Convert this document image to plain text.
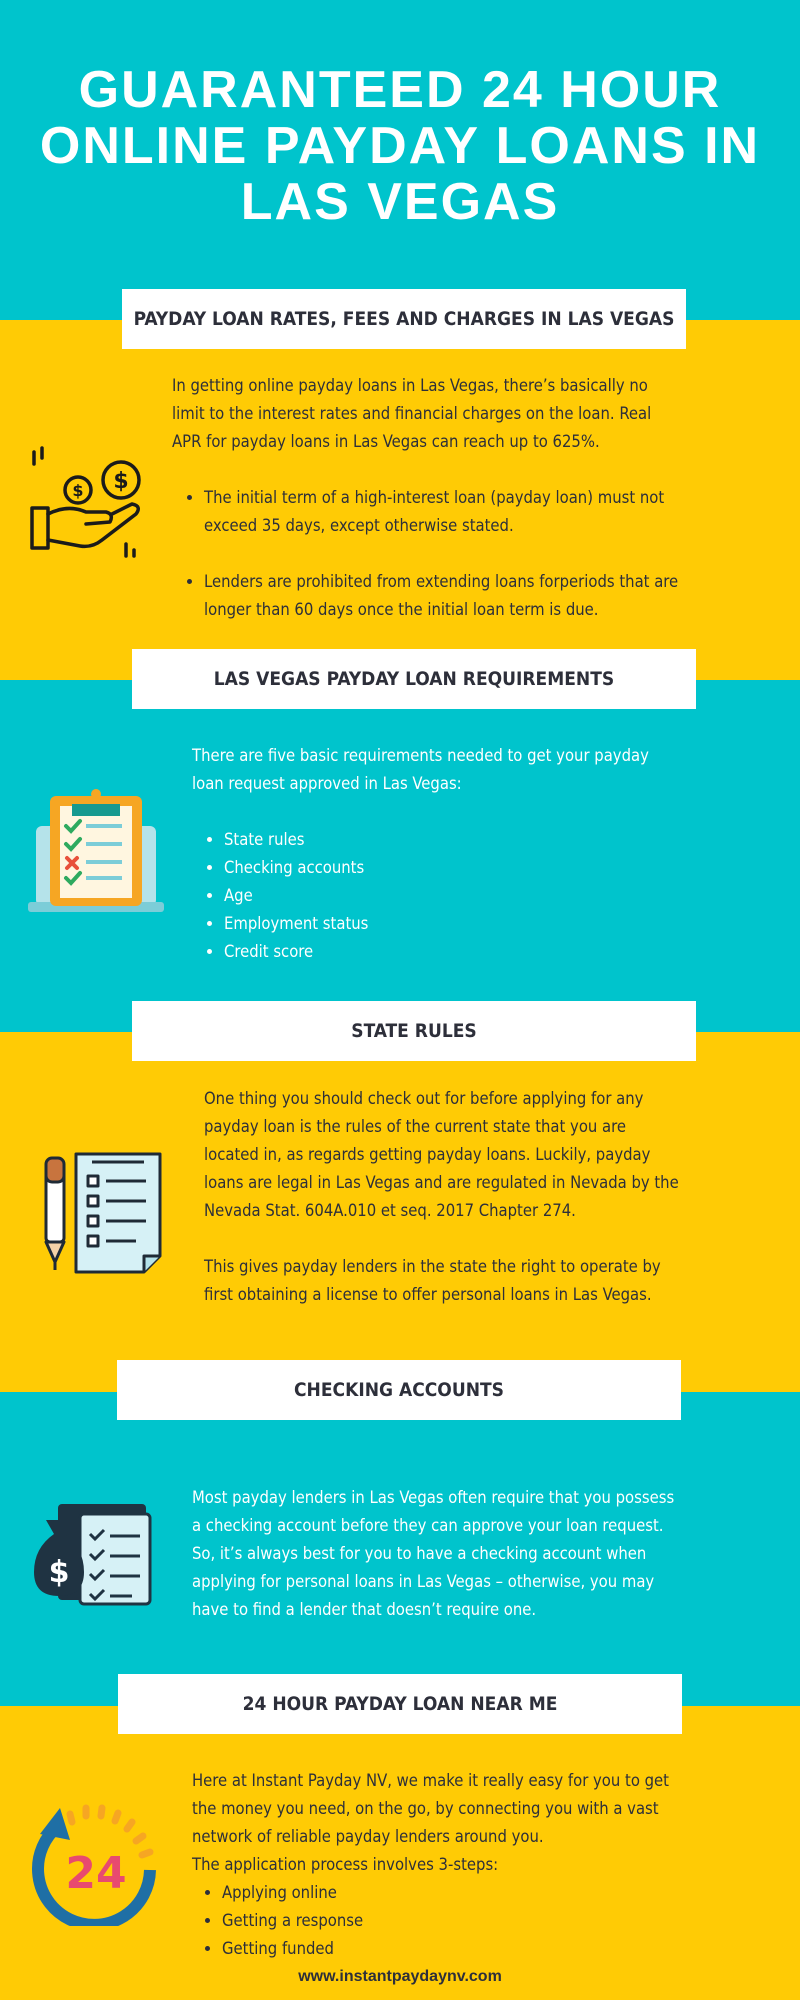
GUARANTEED 24 HOUR ONLINE PAYDAY LOANS IN LAS VEGAS
PAYDAY LOAN RATES, FEES AND CHARGES IN LAS VEGAS
$
$

In getting online payday loans in Las Vegas, there’s basically no limit to the interest rates and financial charges on the loan. Real APR for payday loans in Las Vegas can reach up to 625%.

• The initial term of a high-interest loan (payday loan) must not exceed 35 days, except otherwise stated.
• Lenders are prohibited from extending loans forperiods that are longer than 60 days once the initial loan term is due.
LAS VEGAS PAYDAY LOAN REQUIREMENTS

There are five basic requirements needed to get your payday loan request approved in Las Vegas:

• State rules
• Checking accounts
• Age
• Employment status
• Credit score
STATE RULES

One thing you should check out for before applying for any payday loan is the rules of the current state that you are located in, as regards getting payday loans. Luckily, payday loans are legal in Las Vegas and are regulated in Nevada by the Nevada Stat. 604A.010 et seq. 2017 Chapter 274.

This gives payday lenders in the state the right to operate by first obtaining a license to offer personal loans in Las Vegas.

CHECKING ACCOUNTS
$

Most payday lenders in Las Vegas often require that you possess a checking account before they can approve your loan request. So, it’s always best for you to have a checking account when applying for personal loans in Las Vegas – otherwise, you may have to find a lender that doesn’t require one.

24 HOUR PAYDAY LOAN NEAR ME
24

Here at Instant Payday NV, we make it really easy for you to get the money you need, on the go, by connecting you with a vast network of reliable payday lenders around you.

The application process involves 3-steps:

• Applying online
• Getting a response
• Getting funded
www.instantpaydaynv.com
